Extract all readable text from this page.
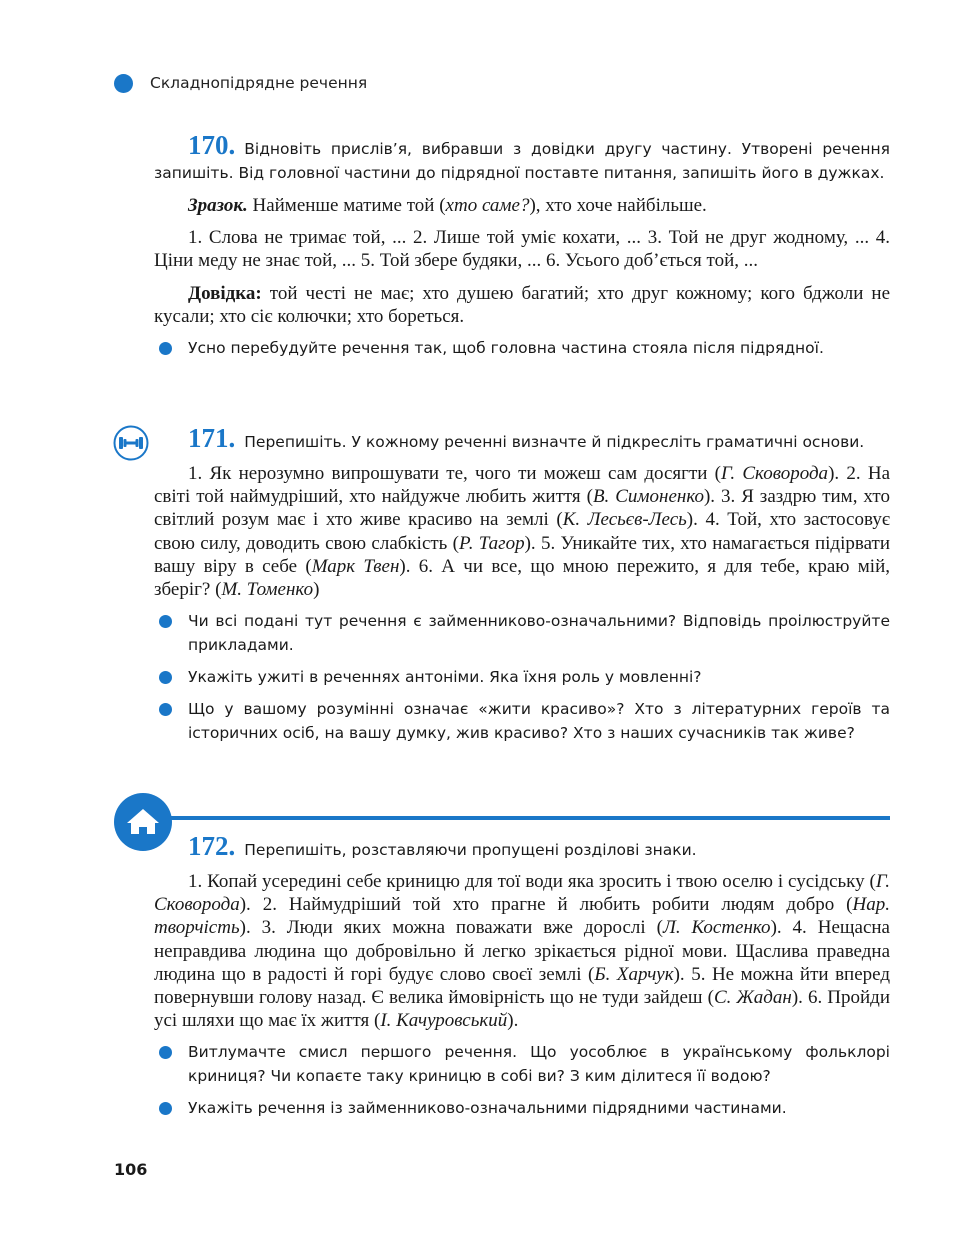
Складнопідрядне речення
170. Відновіть прислів’я, вибравши з довідки другу частину. Утворені речення запишіть. Від головної частини до підрядної поставте питання, запишіть його в дужках.

Зразок. Найменше матиме той (хто саме?), хто хоче найбільше.

1. Слова не тримає той, ... 2. Лише той уміє кохати, ... 3. Той не друг жодному, ... 4. Ціни меду не знає той, ... 5. Той збере будяки, ... 6. Усього доб’ється той, ...

Довідка: той честі не має; хто душею багатий; хто друг кожному; кого бджоли не кусали; хто сіє колючки; хто бореться.

Усно перебудуйте речення так, щоб головна частина стояла після підрядної.
171. Перепишіть. У кожному реченні визначте й підкресліть граматичні основи.

1. Як нерозумно випрошувати те, чого ти можеш сам досягти (Г. Сковорода). 2. На світі той наймудріший, хто найдужче любить життя (В. Симоненко). 3. Я заздрю тим, хто світлий розум має і хто живе красиво на землі (К. Лесьєв-Лесь). 4. Той, хто застосовує свою силу, доводить свою слабкість (Р. Тагор). 5. Уникайте тих, хто намагається підірвати вашу віру в себе (Марк Твен). 6. А чи все, що мною пережито, я для тебе, краю мій, зберіг? (М. Томенко)

Чи всі подані тут речення є займенниково-означальними? Відповідь проілюструйте прикладами.
Укажіть ужиті в реченнях антоніми. Яка їхня роль у мовленні?
Що у вашому розумінні означає «жити красиво»? Хто з літературних героїв та історичних осіб, на вашу думку, жив красиво? Хто з наших сучасників так живе?
172. Перепишіть, розставляючи пропущені розділові знаки.

1. Копай усередині себе криницю для тої води яка зросить і твою оселю і сусідську (Г. Сковорода). 2. Наймудріший той хто прагне й любить робити людям добро (Нар. творчість). 3. Люди яких можна поважати вже дорослі (Л. Костенко). 4. Нещасна неправдива людина що добровільно й легко зрікається рідної мови. Щаслива праведна людина що в радості й горі будує слово своєї землі (Б. Харчук). 5. Не можна йти вперед повернувши голову назад. Є велика ймовірність що не туди зайдеш (С. Жадан). 6. Пройди усі шляхи що має їх життя (І. Качуровський).

Витлумачте смисл першого речення. Що уособлює в українському фольклорі криниця? Чи копаєте таку криницю в собі ви? З ким ділитеся її водою?
Укажіть речення із займенниково-означальними підрядними частинами.
106
